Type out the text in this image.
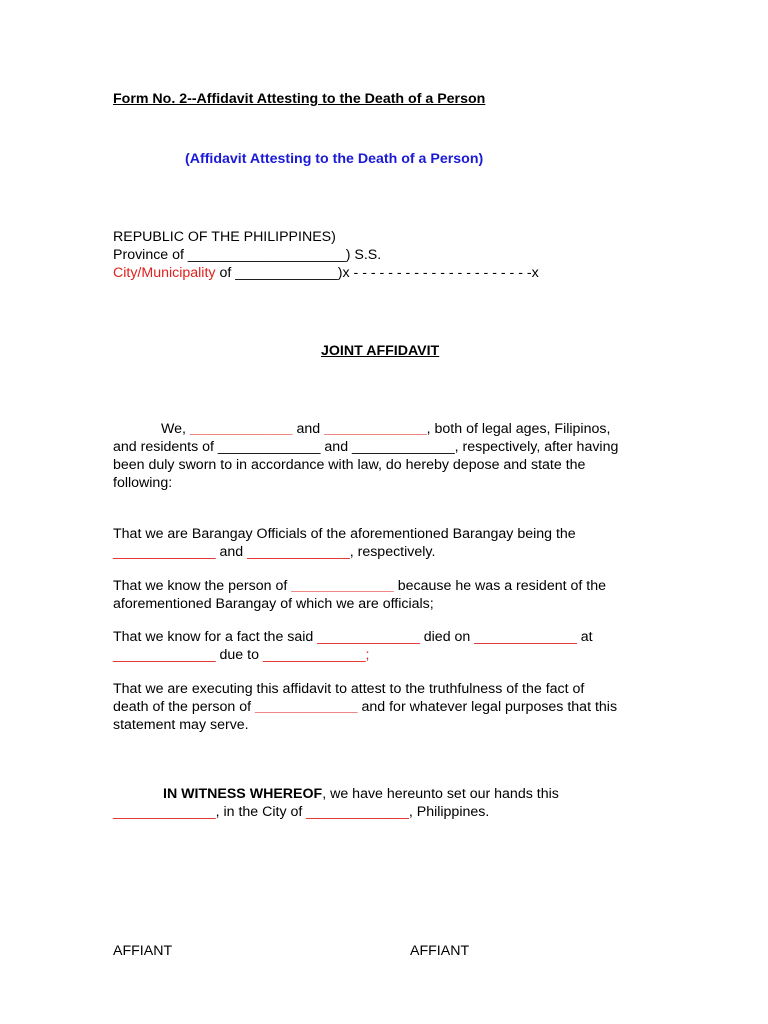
Form No. 2--Affidavit Attesting to the Death of a Person
(Affidavit Attesting to the Death of a Person)
REPUBLIC OF THE PHILIPPINES)
Province of ____________________) S.S.
City/Municipality of _____________)x - - - - - - - - - - - - - - - - - - - - -x
JOINT AFFIDAVIT
We, _____________ and _____________, both of legal ages, Filipinos,
and residents of _____________ and _____________, respectively, after having
been duly sworn to in accordance with law, do hereby depose and state the
following:
That we are Barangay Officials of the aforementioned Barangay being the
_____________ and _____________, respectively.
That we know the person of _____________ because he was a resident of the
aforementioned Barangay of which we are officials;
That we know for a fact the said _____________ died on _____________ at
_____________ due to _____________;
That we are executing this affidavit to attest to the truthfulness of the fact of
death of the person of _____________ and for whatever legal purposes that this
statement may serve.
IN WITNESS WHEREOF, we have hereunto set our hands this
_____________, in the City of _____________, Philippines.
AFFIANT	AFFIANT
